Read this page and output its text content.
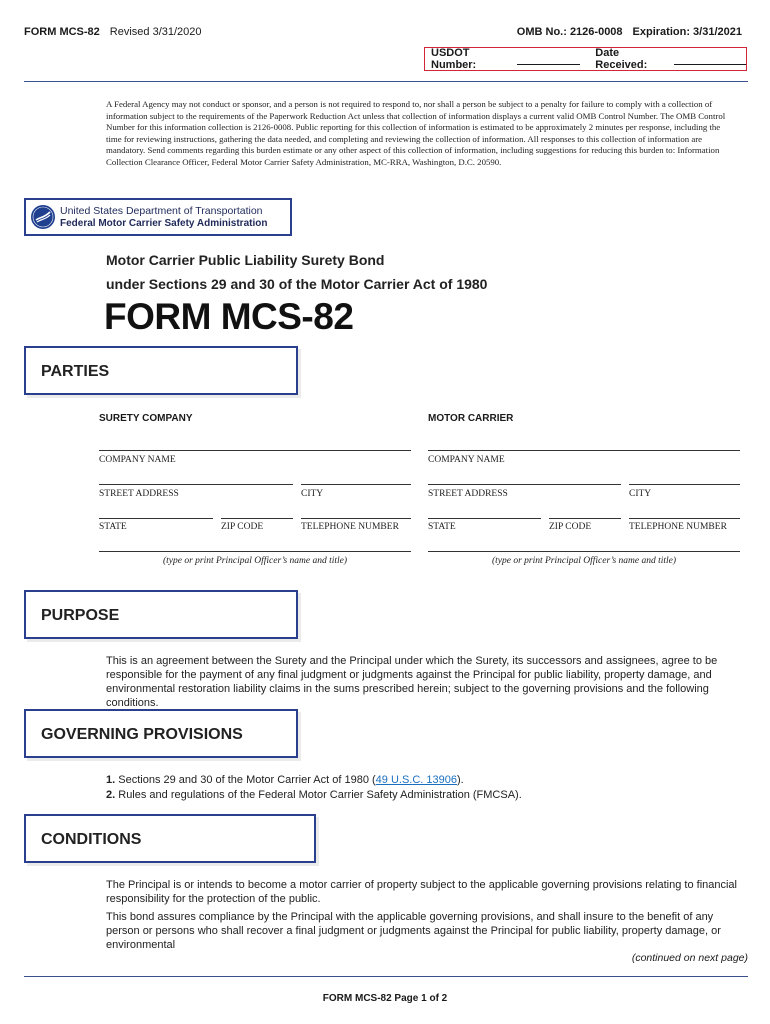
FORM MCS-82 Revised 3/31/2020	OMB No.: 2126-0008 Expiration: 3/31/2021
USDOT Number:
Date Received:
A Federal Agency may not conduct or sponsor, and a person is not required to respond to, nor shall a person be subject to a penalty for failure to comply with a collection of information subject to the requirements of the Paperwork Reduction Act unless that collection of information displays a current valid OMB Control Number. The OMB Control Number for this information collection is 2126-0008. Public reporting for this collection of information is estimated to be approximately 2 minutes per response, including the time for reviewing instructions, gathering the data needed, and completing and reviewing the collection of information. All responses to this collection of information are mandatory. Send comments regarding this burden estimate or any other aspect of this collection of information, including suggestions for reducing this burden to: Information Collection Clearance Officer, Federal Motor Carrier Safety Administration, MC-RRA, Washington, D.C. 20590.
United States Department of Transportation
Federal Motor Carrier Safety Administration
Motor Carrier Public Liability Surety Bond
under Sections 29 and 30 of the Motor Carrier Act of 1980
FORM MCS-82
PARTIES
SURETY COMPANY	MOTOR CARRIER
COMPANY NAME
STREET ADDRESS	CITY
STATE	ZIP CODE	TELEPHONE NUMBER
(type or print Principal Officer’s name and title)
COMPANY NAME
STREET ADDRESS	CITY
STATE	ZIP CODE	TELEPHONE NUMBER
(type or print Principal Officer’s name and title)
PURPOSE
This is an agreement between the Surety and the Principal under which the Surety, its successors and assignees, agree to be responsible for the payment of any final judgment or judgments against the Principal for public liability, property damage, and environmental restoration liability claims in the sums prescribed herein; subject to the governing provisions and the following conditions.
GOVERNING PROVISIONS
1. Sections 29 and 30 of the Motor Carrier Act of 1980 (49 U.S.C. 13906).
2. Rules and regulations of the Federal Motor Carrier Safety Administration (FMCSA).
CONDITIONS
The Principal is or intends to become a motor carrier of property subject to the applicable governing provisions relating to financial responsibility for the protection of the public.
This bond assures compliance by the Principal with the applicable governing provisions, and shall insure to the benefit of any person or persons who shall recover a final judgment or judgments against the Principal for public liability, property damage, or environmental
(continued on next page)
FORM MCS-82 Page 1 of 2
